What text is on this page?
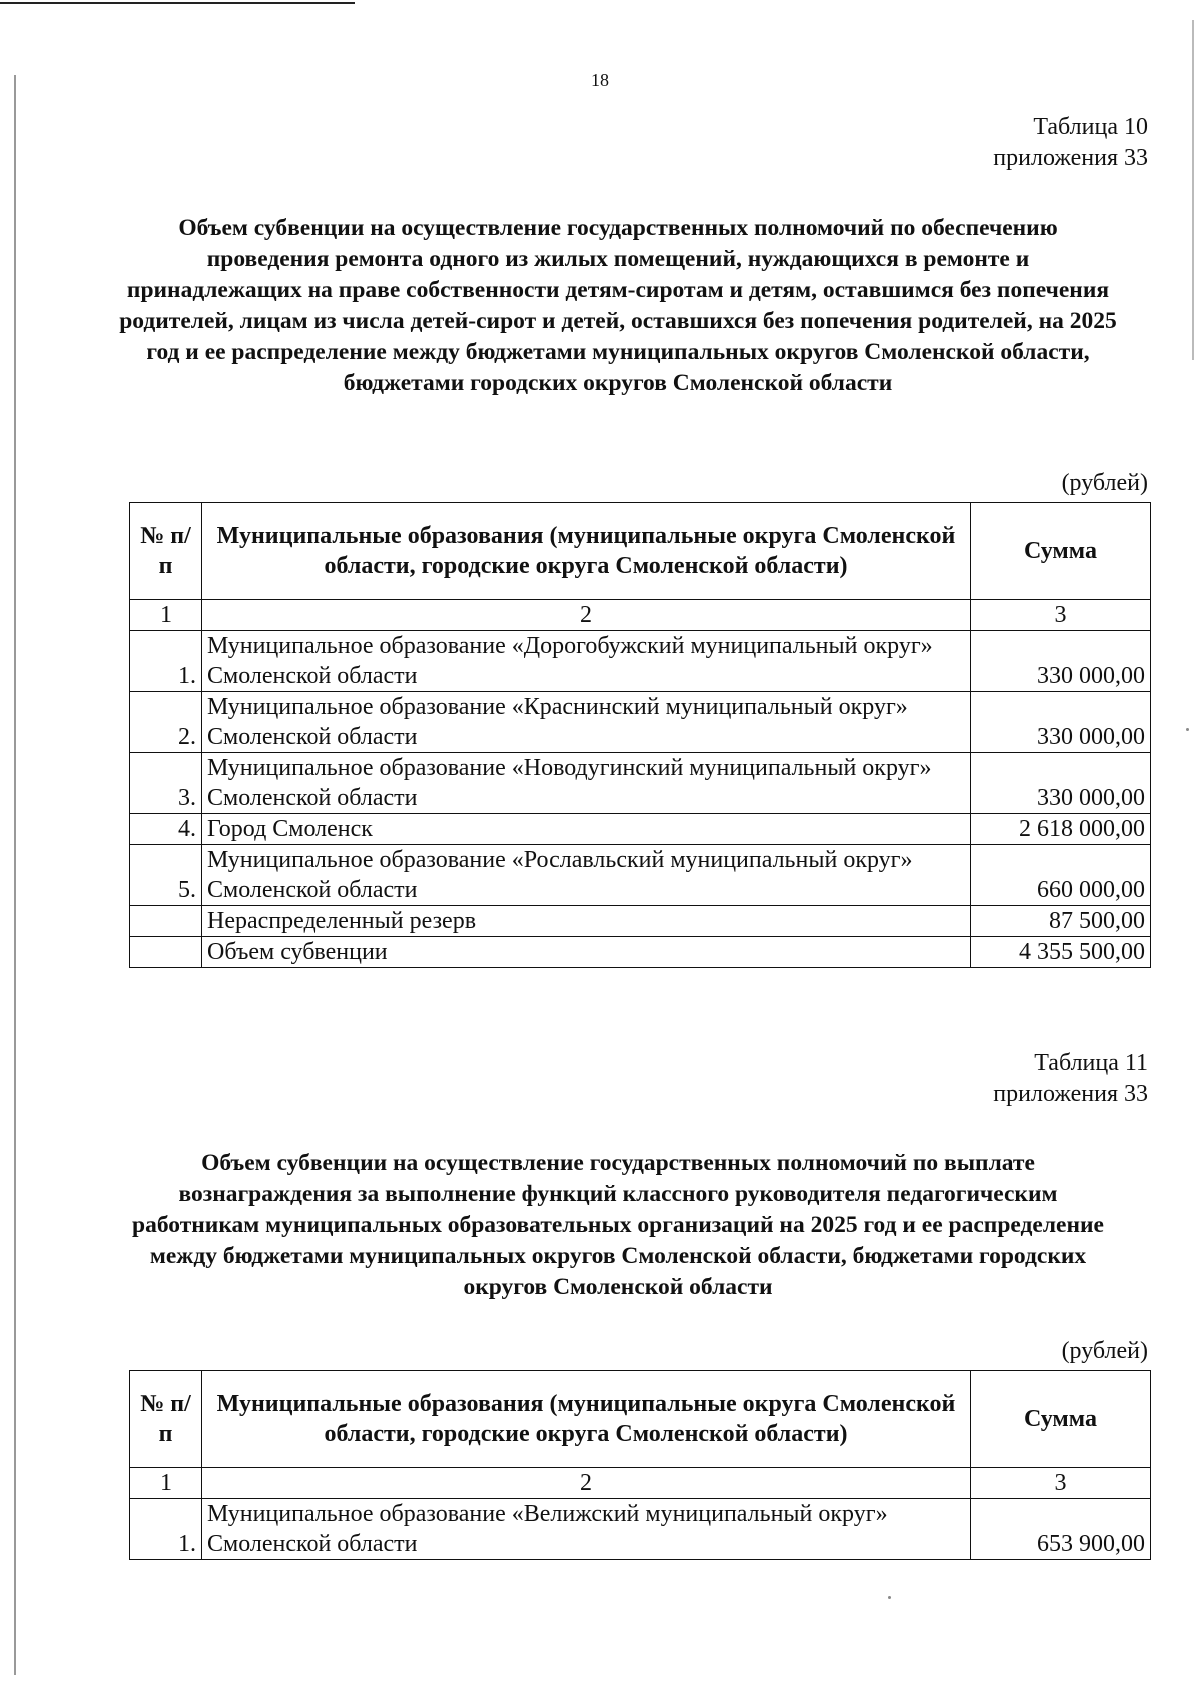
18
Таблица 10
приложения 33
Объем субвенции на осуществление государственных полномочий по обеспечению проведения ремонта одного из жилых помещений, нуждающихся в ремонте и принадлежащих на праве собственности детям-сиротам и детям, оставшимся без попечения родителей, лицам из числа детей-сирот и детей, оставшихся без попечения родителей, на 2025 год и ее распределение между бюджетами муниципальных округов Смоленской области, бюджетами городских округов Смоленской области
(рублей)
№ п/п	Муниципальные образования (муниципальные округа Смоленской области, городские округа Смоленской области)	Сумма
1	2	3
1.	Муниципальное образование «Дорогобужский муниципальный округ» Смоленской области	330 000,00
2.	Муниципальное образование «Краснинский муниципальный округ» Смоленской области	330 000,00
3.	Муниципальное образование «Новодугинский муниципальный округ» Смоленской области	330 000,00
4.	Город Смоленск	2 618 000,00
5.	Муниципальное образование «Рославльский муниципальный округ» Смоленской области	660 000,00
	Нераспределенный резерв	87 500,00
	Объем субвенции	4 355 500,00
Таблица 11
приложения 33
Объем субвенции на осуществление государственных полномочий по выплате вознаграждения за выполнение функций классного руководителя педагогическим работникам муниципальных образовательных организаций на 2025 год и ее распределение между бюджетами муниципальных округов Смоленской области, бюджетами городских округов Смоленской области
(рублей)
№ п/п	Муниципальные образования (муниципальные округа Смоленской области, городские округа Смоленской области)	Сумма
1	2	3
1.	Муниципальное образование «Велижский муниципальный округ» Смоленской области	653 900,00
